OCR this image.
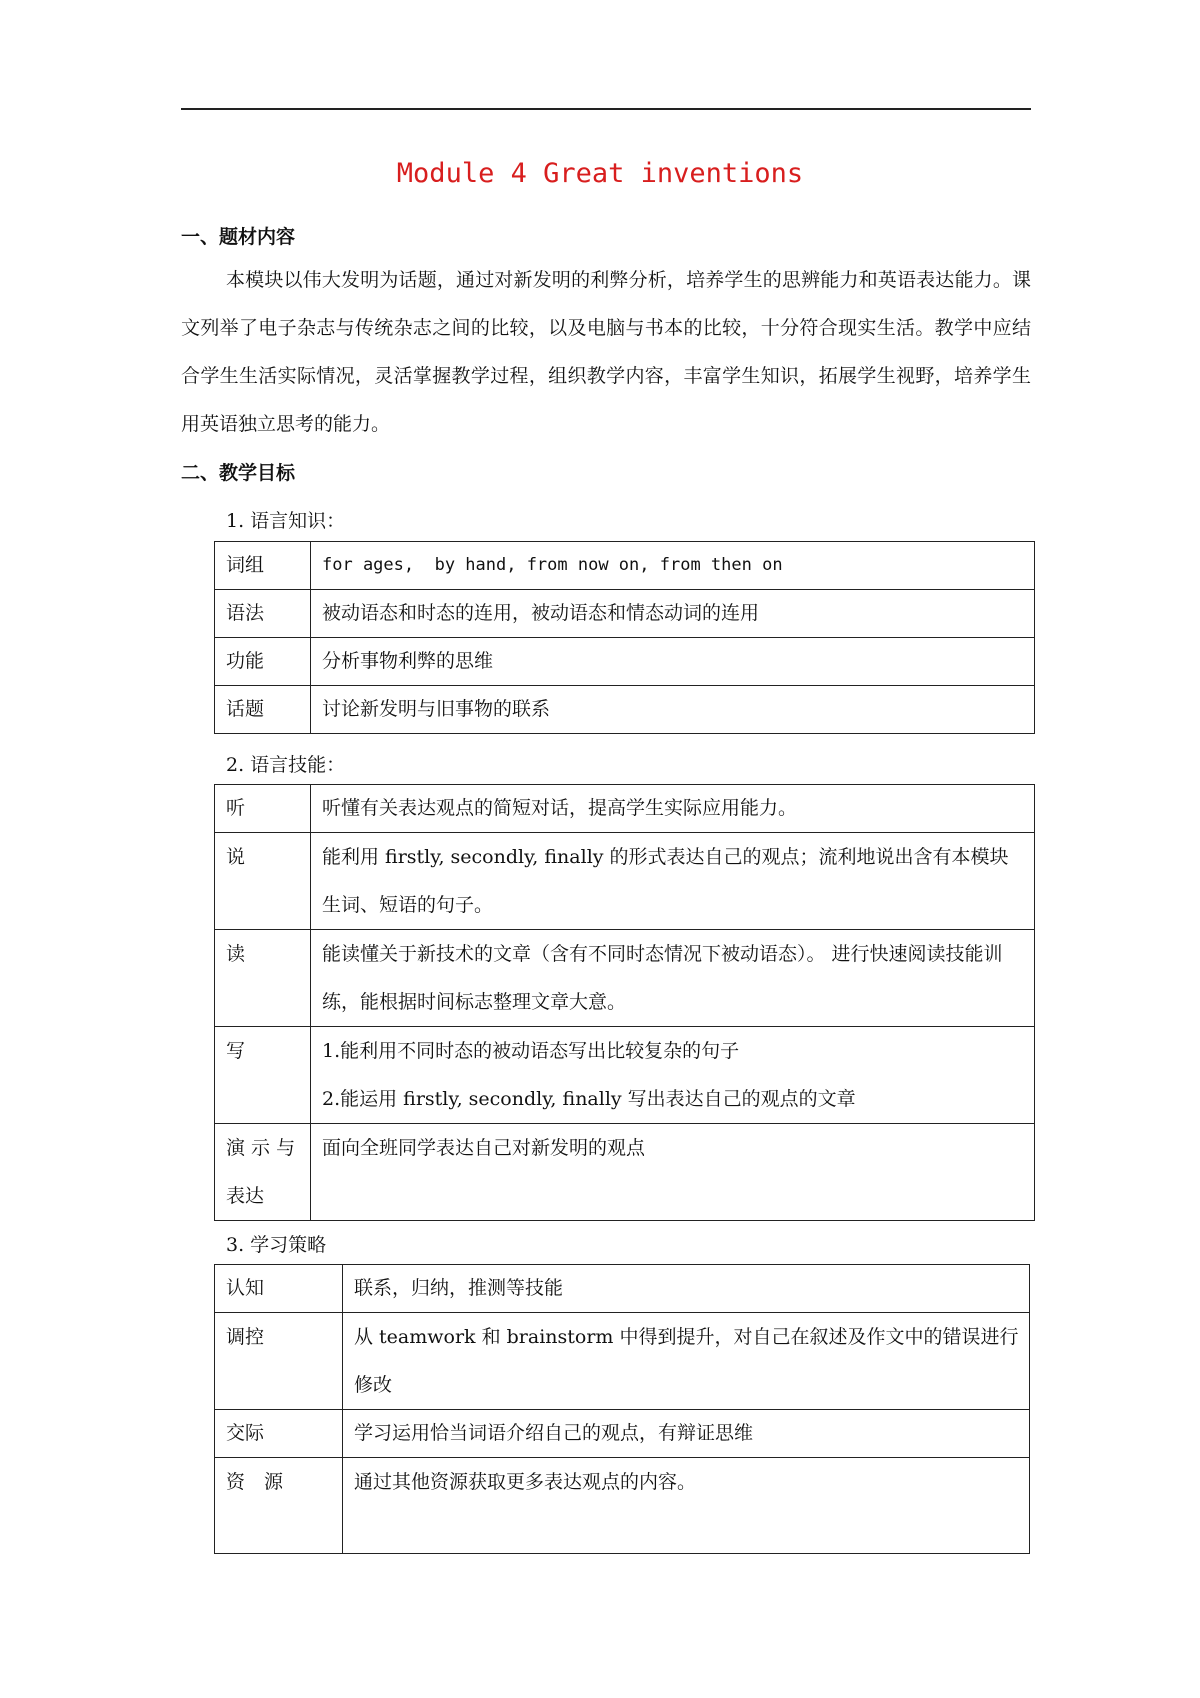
Module 4 Great inventions
一、题材内容
本模块以伟大发明为话题，通过对新发明的利弊分析，培养学生的思辨能力和英语表达能力。课文列举了电子杂志与传统杂志之间的比较，以及电脑与书本的比较，十分符合现实生活。教学中应结合学生生活实际情况，灵活掌握教学过程，组织教学内容，丰富学生知识，拓展学生视野，培养学生用英语独立思考的能力。
二、教学目标
1. 语言知识：
词组	for ages,  by hand, from now on, from then on
语法	被动语态和时态的连用，被动语态和情态动词的连用
功能	分析事物利弊的思维
话题	讨论新发明与旧事物的联系
2. 语言技能：
听	听懂有关表达观点的简短对话，提高学生实际应用能力。
说	能利用 firstly, secondly, finally 的形式表达自己的观点；流利地说出含有本模块生词、短语的句子。
读	能读懂关于新技术的文章（含有不同时态情况下被动语态）。 进行快速阅读技能训练，能根据时间标志整理文章大意。
写	1.能利用不同时态的被动语态写出比较复杂的句子
2.能运用 firstly, secondly, finally 写出表达自己的观点的文章

演 示 与 表达	面向全班同学表达自己对新发明的观点
3. 学习策略
认知	联系，归纳，推测等技能
调控	从 teamwork 和 brainstorm 中得到提升，对自己在叙述及作文中的错误进行修改
交际	学习运用恰当词语介绍自己的观点，有辩证思维
资　源	通过其他资源获取更多表达观点的内容。
